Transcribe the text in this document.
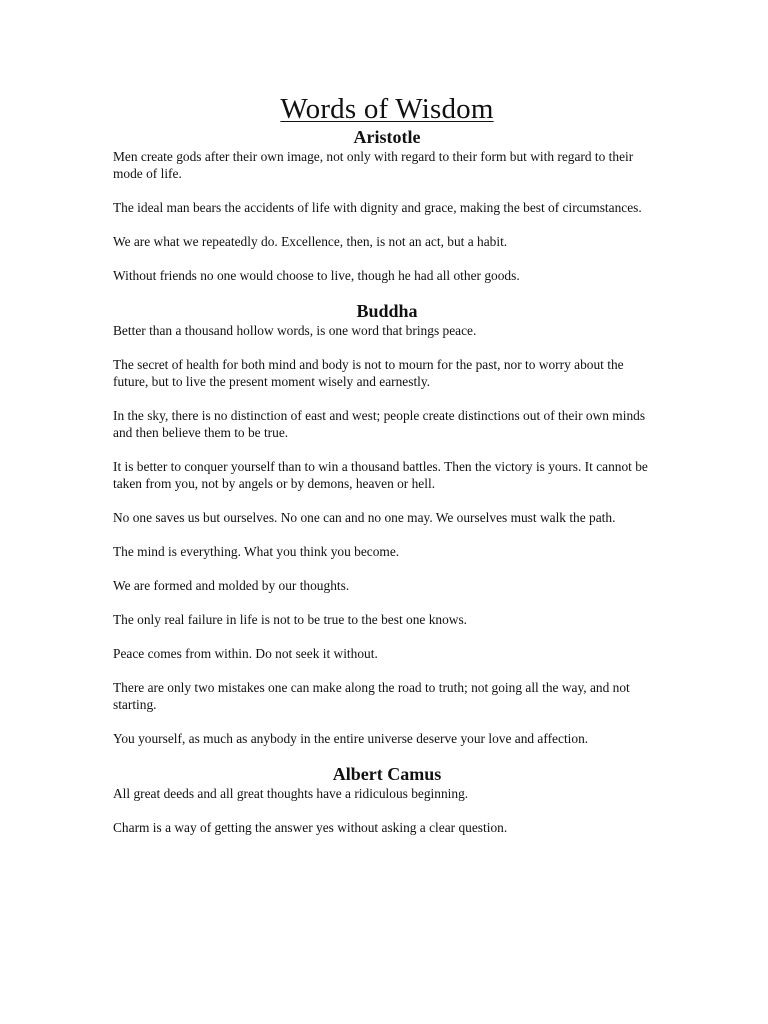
Words of Wisdom
Aristotle

Men create gods after their own image, not only with regard to their form but with regard to their mode of life.

The ideal man bears the accidents of life with dignity and grace, making the best of circumstances.

We are what we repeatedly do. Excellence, then, is not an act, but a habit.

Without friends no one would choose to live, though he had all other goods.

Buddha

Better than a thousand hollow words, is one word that brings peace.

The secret of health for both mind and body is not to mourn for the past, nor to worry about the future, but to live the present moment wisely and earnestly.

In the sky, there is no distinction of east and west; people create distinctions out of their own minds and then believe them to be true.

It is better to conquer yourself than to win a thousand battles. Then the victory is yours. It cannot be taken from you, not by angels or by demons, heaven or hell.

No one saves us but ourselves. No one can and no one may. We ourselves must walk the path.

The mind is everything. What you think you become.

We are formed and molded by our thoughts.

The only real failure in life is not to be true to the best one knows.

Peace comes from within. Do not seek it without.

There are only two mistakes one can make along the road to truth; not going all the way, and not starting.

You yourself, as much as anybody in the entire universe deserve your love and affection.

Albert Camus

All great deeds and all great thoughts have a ridiculous beginning.

Charm is a way of getting the answer yes without asking a clear question.
